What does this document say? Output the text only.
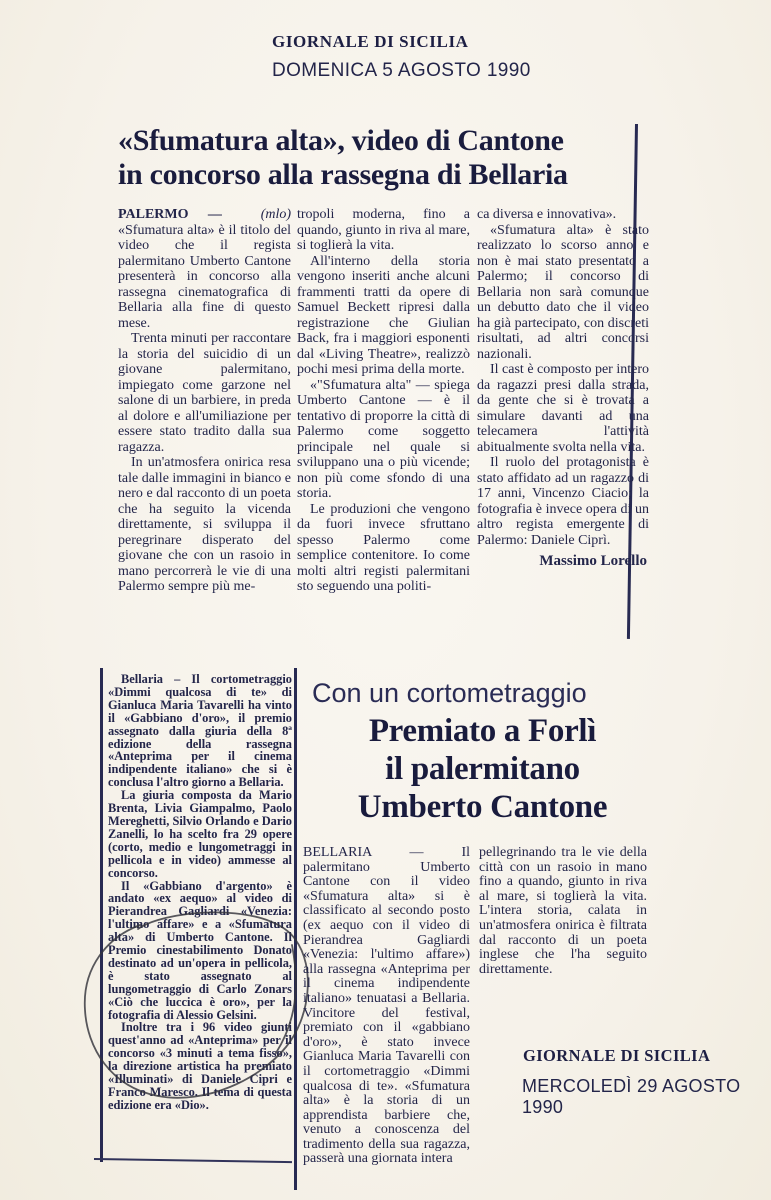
GIORNALE DI SICILIA
DOMENICA 5 AGOSTO 1990
«Sfumatura alta», video di Cantone
in concorso alla rassegna di Bellaria

PALERMO —	(mlo) «Sfumatura alta» è il titolo del video che il regista palermitano Umberto Cantone presenterà in concorso alla rassegna cinematografica di Bellaria alla fine di questo mese.

Trenta minuti per raccontare la storia del suicidio di un giovane palermitano, impiegato come garzone nel salone di un barbiere, in preda al dolore e all'umiliazione per essere stato tradito dalla sua ragazza.

In un'atmosfera onirica resa tale dalle immagini in bianco e nero e dal racconto di un poeta che ha seguito la vicenda direttamente, si sviluppa il peregrinare disperato del giovane che con un rasoio in mano percorrerà le vie di una Palermo sempre più me-

tropoli moderna, fino a quando, giunto in riva al mare, si toglierà la vita.

All'interno della storia vengono inseriti anche alcuni frammenti tratti da opere di Samuel Beckett ripresi dalla registrazione che Giulian Back, fra i maggiori esponenti dal «Living Theatre», realizzò pochi mesi prima della morte.

«"Sfumatura alta" — spiega Umberto Cantone — è il tentativo di proporre la città di Palermo come soggetto principale nel quale si sviluppano una o più vicende; non più come sfondo di una storia.

Le produzioni che vengono da fuori invece sfruttano spesso Palermo come semplice contenitore. Io come molti altri registi palermitani sto seguendo una politi-

ca diversa e innovativa».

«Sfumatura alta» è stato realizzato lo scorso anno e non è mai stato presentato a Palermo; il concorso di Bellaria non sarà comunque un debutto dato che il video ha già partecipato, con discreti risultati, ad altri concorsi nazionali.

Il cast è composto per intero da ragazzi presi dalla strada, da gente che si è trovata a simulare davanti ad una telecamera l'attività abitualmente svolta nella vita.

Il ruolo del protagonista è stato affidato ad un ragazzo di 17 anni, Vincenzo Ciacio; la fotografia è invece opera di un altro regista emergente di Palermo: Daniele Ciprì.

Massimo Lorello

Bellaria – Il cortometraggio «Dimmi qualcosa di te» di Gianluca Maria Tavarelli ha vinto il «Gabbiano d'oro», il premio assegnato dalla giuria della 8ª edizione della rassegna «Anteprima per il cinema indipendente italiano» che si è conclusa l'altro giorno a Bellaria.

La giuria composta da Mario Brenta, Livia Giampalmo, Paolo Mereghetti, Silvio Orlando e Dario Zanelli, lo ha scelto fra 29 opere (corto, medio e lungometraggi in pellicola e in video) ammesse al concorso.

Il «Gabbiano d'argento» è andato «ex aequo» al video di Pierandrea Gagliardi «Venezia: l'ultimo affare» e a «Sfumatura alta» di Umberto Cantone. Il Premio cinestabilimento Donato destinato ad un'opera in pellicola, è stato assegnato al lungometraggio di Carlo Zonars «Ciò che luccica è oro», per la fotografia di Alessio Gelsini.

Inoltre tra i 96 video giunti quest'anno ad «Anteprima» per il concorso «3 minuti a tema fisso», la direzione artistica ha premiato «Illuminati» di Daniele Cipri e Franco Maresco. Il tema di questa edizione era «Dio».

Con un cortometraggio
Premiato a Forlì
il palermitano
Umberto Cantone

BELLARIA — Il palermitano Umberto Cantone con il video «Sfumatura alta» si è classificato al secondo posto (ex aequo con il video di Pierandrea Gagliardi «Venezia: l'ultimo affare») alla rassegna «Anteprima per il cinema indipendente italiano» tenuatasi a Bellaria. Vincitore del festival, premiato con il «gabbiano d'oro», è stato invece Gianluca Maria Tavarelli con il cortometraggio «Dimmi qualcosa di te». «Sfumatura alta» è la storia di un apprendista barbiere che, venuto a conoscenza del tradimento della sua ragazza, passerà una giornata intera

pellegrinando tra le vie della città con un rasoio in mano fino a quando, giunto in riva al mare, si toglierà la vita. L'intera storia, calata in un'atmosfera onirica è filtrata dal racconto di un poeta inglese che l'ha seguito direttamente.

GIORNALE DI SICILIA
MERCOLEDÌ 29 AGOSTO 1990
